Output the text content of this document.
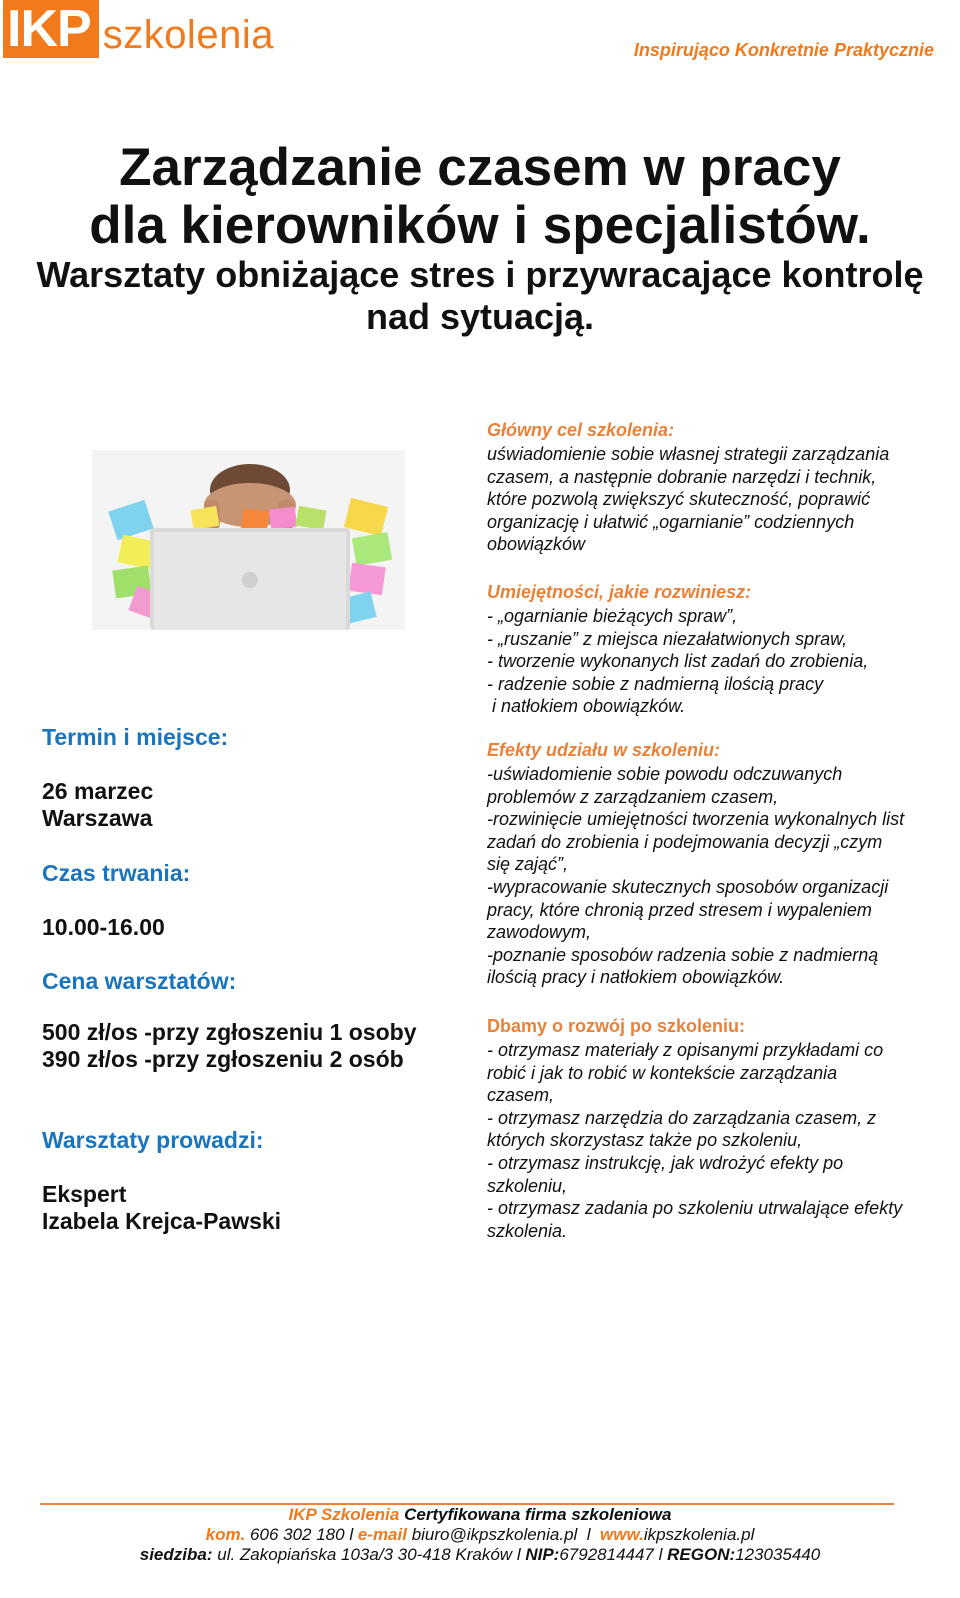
IKP szkolenia	Inspirująco Konkretnie Praktycznie
Zarządzanie czasem w pracy
dla kierowników i specjalistów.
Warsztaty obniżające stres i przywracające kontrolę
nad sytuacją.
Termin i miejsce:
26 marzec
Warszawa
Czas trwania:
10.00-16.00
Cena warsztatów:
500 zł/os -przy zgłoszeniu 1 osoby
390 zł/os -przy zgłoszeniu 2 osób
Warsztaty prowadzi:
Ekspert
Izabela Krejca-Pawski
Główny cel szkolenia:
uświadomienie sobie własnej strategii zarządzania
czasem, a następnie dobranie narzędzi i technik,
które pozwolą zwiększyć skuteczność, poprawić
organizację i ułatwić „ogarnianie” codziennych
obowiązków
Umiejętności, jakie rozwiniesz:
- „ogarnianie bieżących spraw”,
- „ruszanie” z miejsca niezałatwionych spraw,
- tworzenie wykonanych list zadań do zrobienia,
- radzenie sobie z nadmierną ilością pracy
i natłokiem obowiązków.
Efekty udziału w szkoleniu:
-uświadomienie sobie powodu odczuwanych
problemów z zarządzaniem czasem,
-rozwinięcie umiejętności tworzenia wykonalnych list
zadań do zrobienia i podejmowania decyzji „czym
się zająć”,
-wypracowanie skutecznych sposobów organizacji
pracy, które chronią przed stresem i wypaleniem
zawodowym,
-poznanie sposobów radzenia sobie z nadmierną
ilością pracy i natłokiem obowiązków.
Dbamy o rozwój po szkoleniu:
- otrzymasz materiały z opisanymi przykładami co
robić i jak to robić w kontekście zarządzania
czasem,
- otrzymasz narzędzia do zarządzania czasem, z
których skorzystasz także po szkoleniu,
- otrzymasz instrukcję, jak wdrożyć efekty po
szkoleniu,
- otrzymasz zadania po szkoleniu utrwalające efekty
szkolenia.
IKP Szkolenia Certyfikowana firma szkoleniowa
kom. 606 302 180 l e-mail biuro@ikpszkolenia.pl l www.ikpszkolenia.pl
siedziba: ul. Zakopiańska 103a/3 30-418 Kraków l NIP:6792814447 l REGON:123035440
